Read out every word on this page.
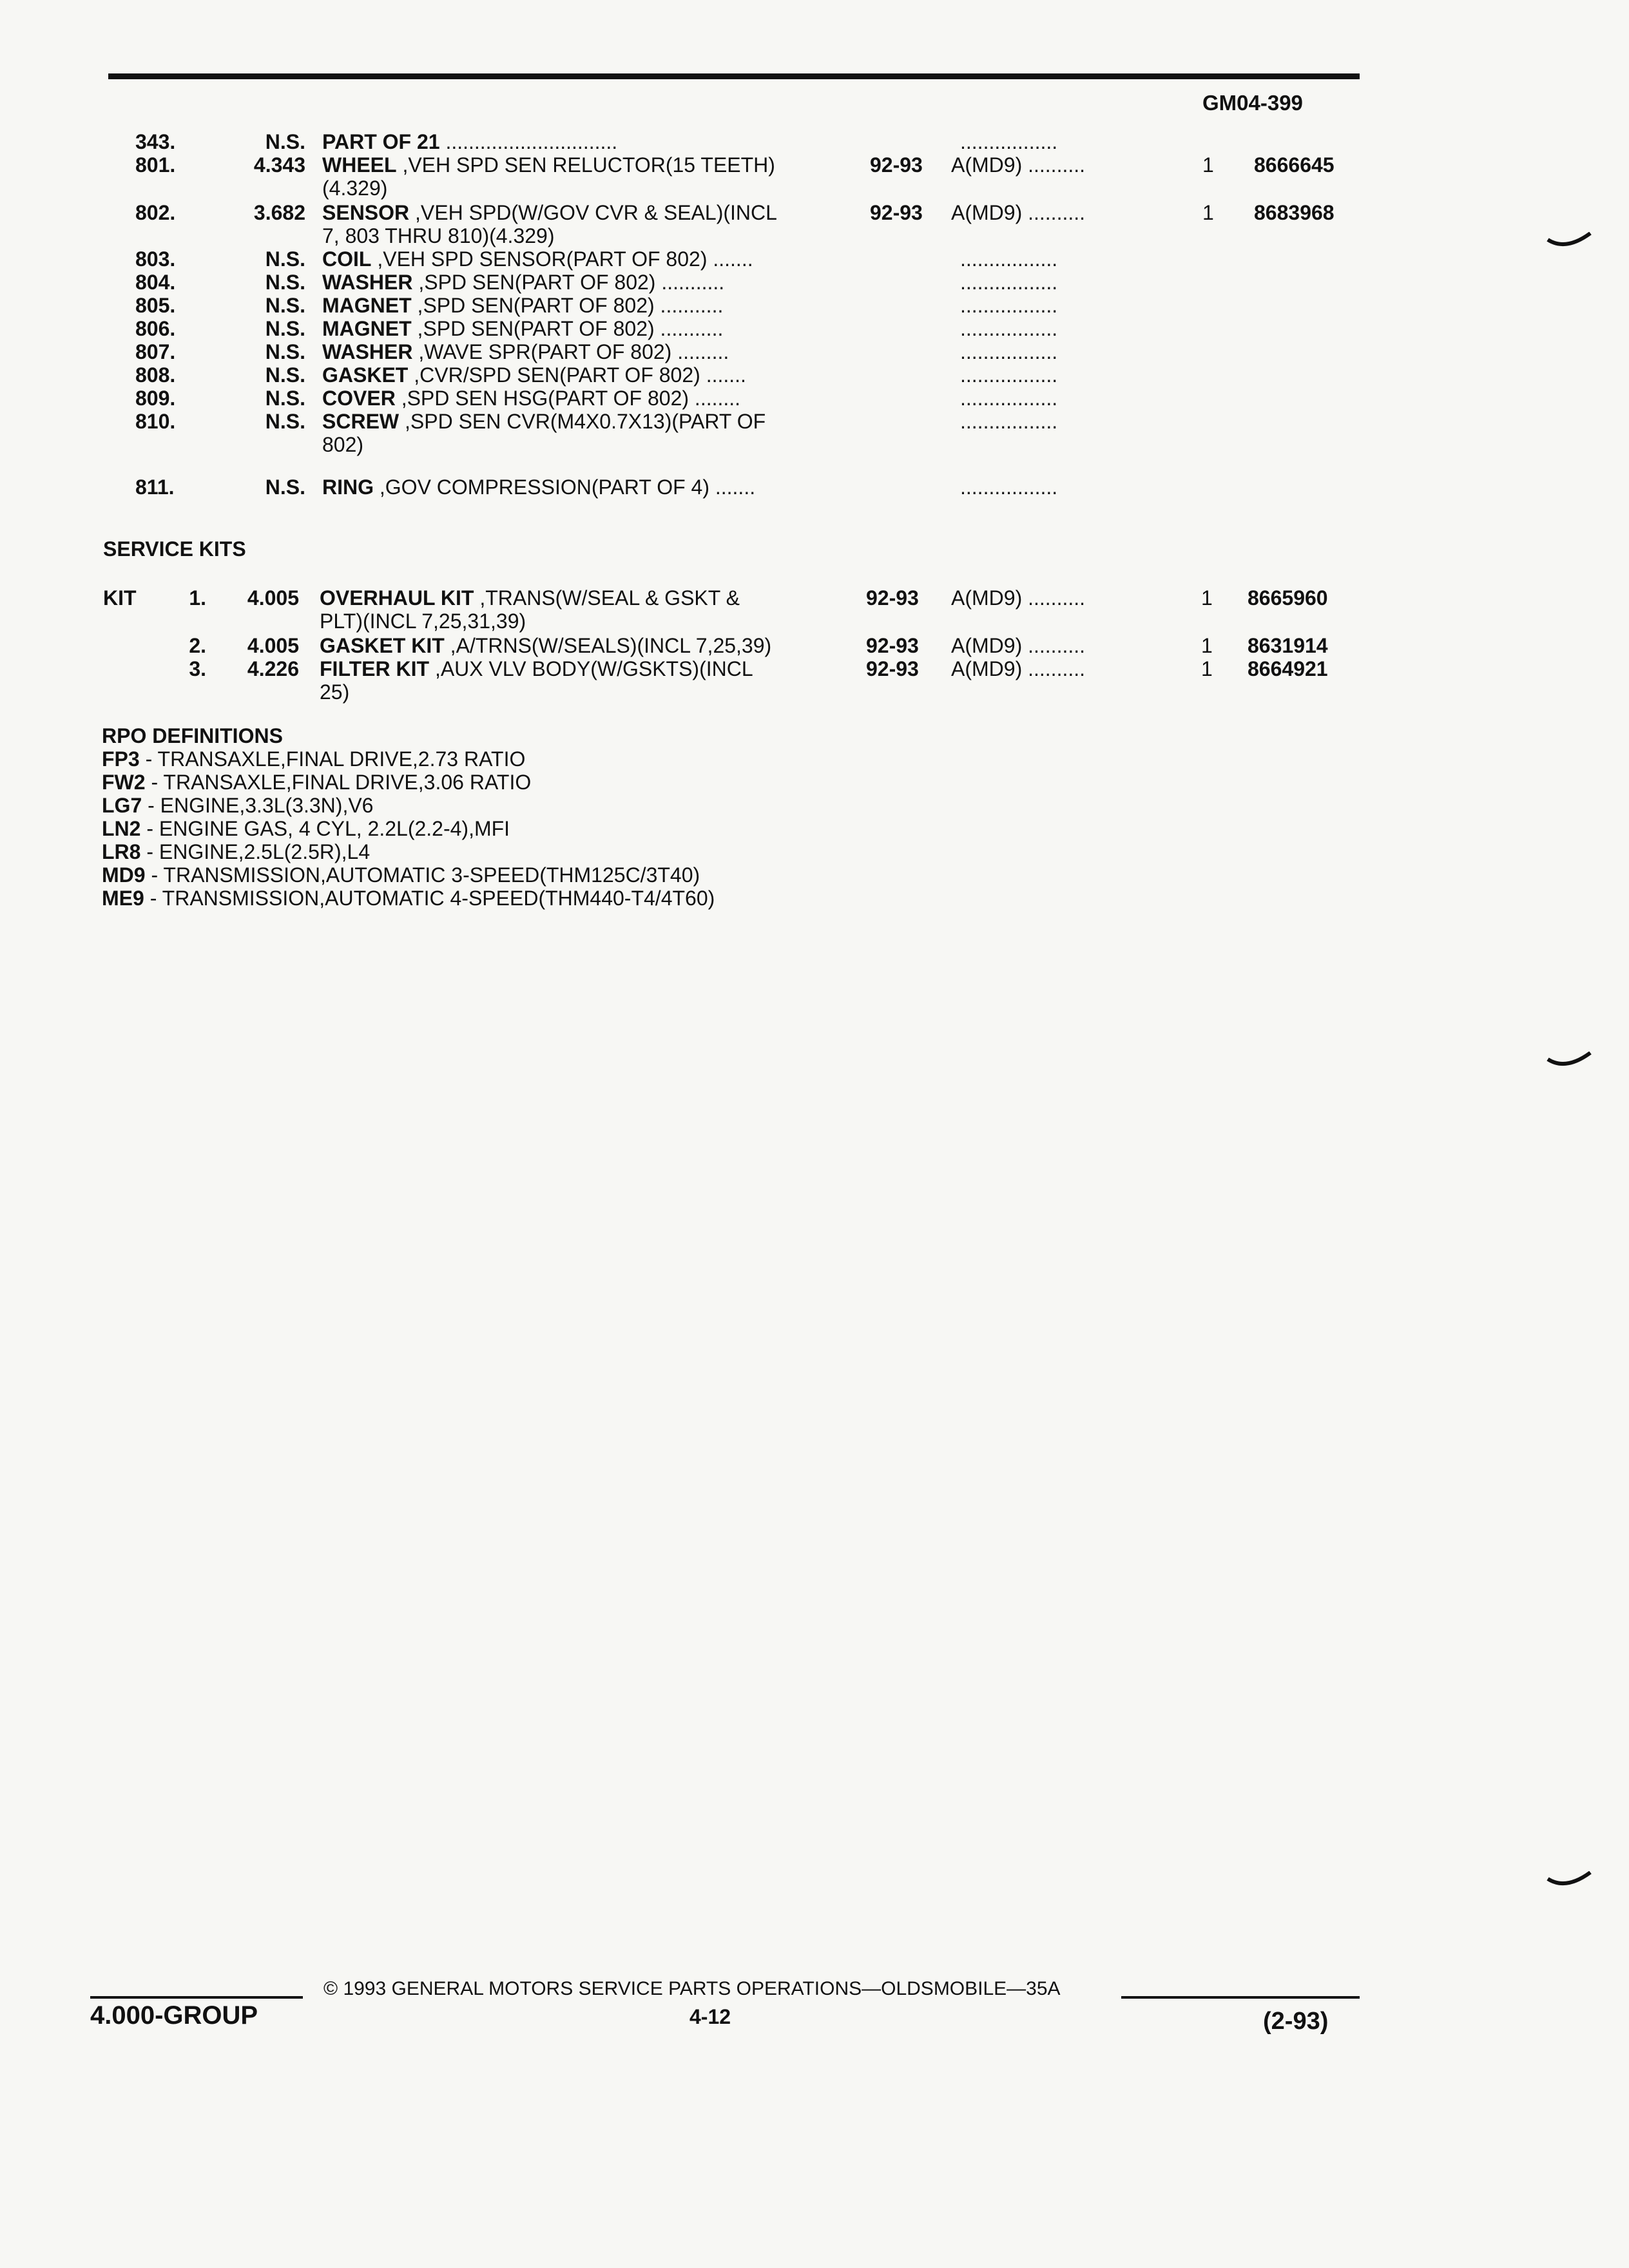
GM04-399
343.	N.S. PART OF 21 ..............................	.................
801.	4.343 WHEEL ,VEH SPD SEN RELUCTOR(15 TEETH)
(4.329)
92-93 A(MD9) ..........	1 8666645
802.	3.682 SENSOR ,VEH SPD(W/GOV CVR & SEAL)(INCL
7, 803 THRU 810)(4.329)
92-93 A(MD9) ..........	1 8683968
803.	N.S. COIL ,VEH SPD SENSOR(PART OF 802) .......	.................
804.	N.S. WASHER ,SPD SEN(PART OF 802) ...........	.................
805.	N.S. MAGNET ,SPD SEN(PART OF 802) ...........	.................
806.	N.S. MAGNET ,SPD SEN(PART OF 802) ...........	.................
807.	N.S. WASHER ,WAVE SPR(PART OF 802) .........	.................
808.	N.S. GASKET ,CVR/SPD SEN(PART OF 802) .......	.................
809.	N.S. COVER ,SPD SEN HSG(PART OF 802) ........	.................
810.	N.S. SCREW ,SPD SEN CVR(M4X0.7X13)(PART OF
802)
.................
811.	N.S. RING ,GOV COMPRESSION(PART OF 4) .......	.................
SERVICE KITS
KIT	1.	4.005 OVERHAUL KIT ,TRANS(W/SEAL & GSKT &
PLT)(INCL 7,25,31,39)
92-93 A(MD9) ..........	1 8665960
2.	4.005 GASKET KIT ,A/TRNS(W/SEALS)(INCL 7,25,39)	92-93 A(MD9) ..........	1 8631914
3.	4.226 FILTER KIT ,AUX VLV BODY(W/GSKTS)(INCL
25)
92-93 A(MD9) ..........	1 8664921
RPO DEFINITIONS
FP3 - TRANSAXLE,FINAL DRIVE,2.73 RATIO
FW2 - TRANSAXLE,FINAL DRIVE,3.06 RATIO
LG7 - ENGINE,3.3L(3.3N),V6
LN2 - ENGINE GAS, 4 CYL, 2.2L(2.2-4),MFI
LR8 - ENGINE,2.5L(2.5R),L4
MD9 - TRANSMISSION,AUTOMATIC 3-SPEED(THM125C/3T40)
ME9 - TRANSMISSION,AUTOMATIC 4-SPEED(THM440-T4/4T60)
© 1993 GENERAL MOTORS SERVICE PARTS OPERATIONS—OLDSMOBILE—35A
4.000-GROUP	4-12	(2-93)
